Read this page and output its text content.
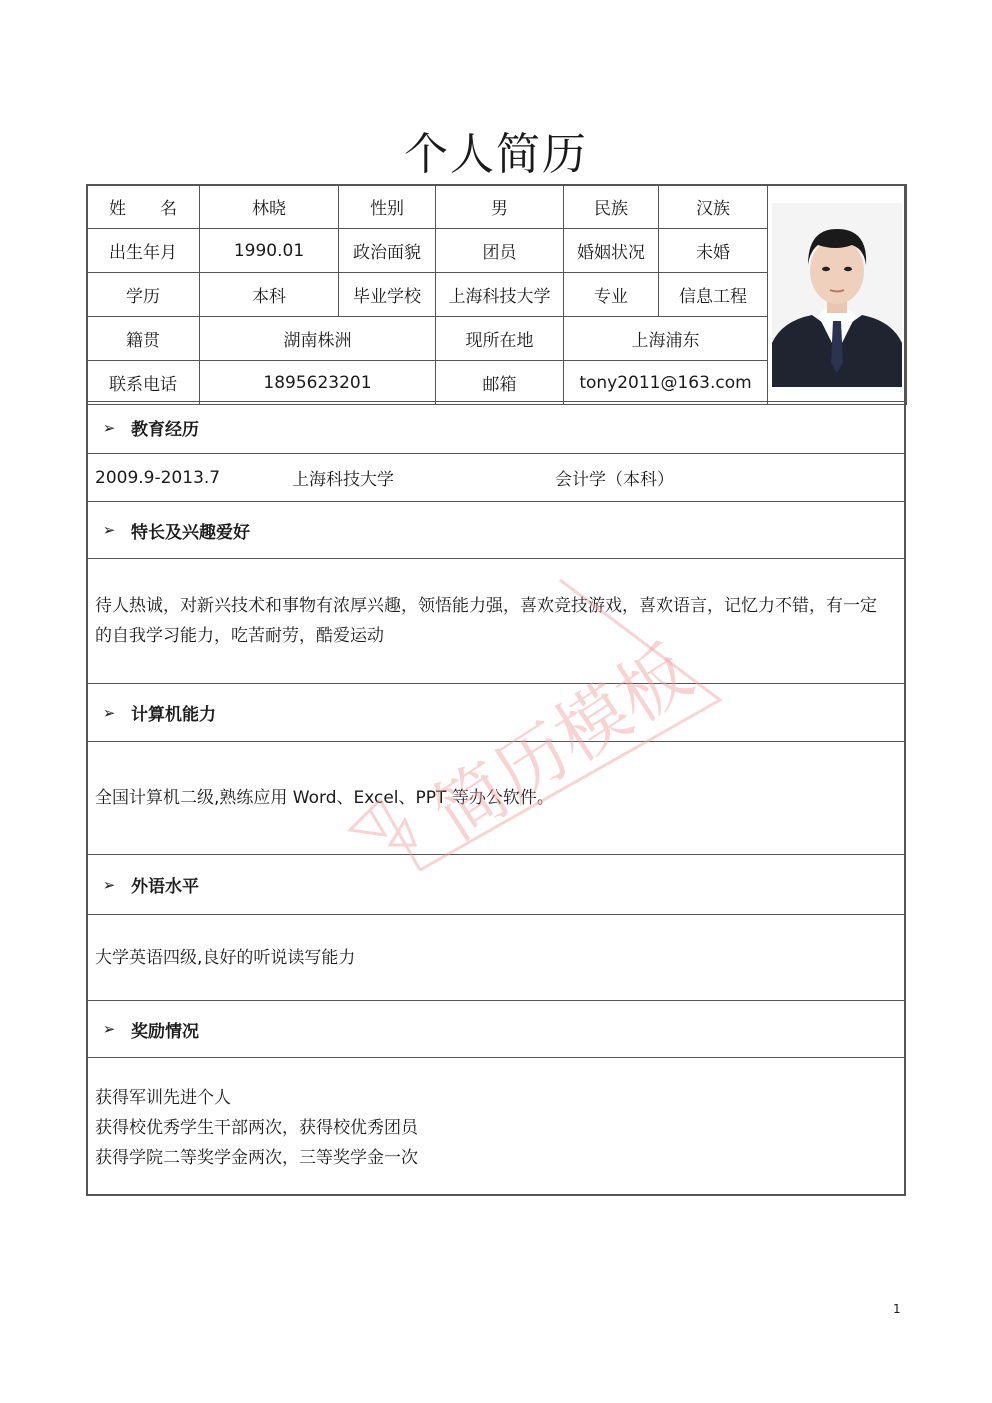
个人简历
姓　　名	林晓	性别	男	民族	汉族	

出生年月	1990.01	政治面貌	团员	婚姻状况	未婚	
学历	本科	毕业学校	上海科技大学	专业	信息工程	
籍贯	湖南株洲		现所在地	上海浦东		
联系电话	1895623201		邮箱	tony2011@163.com		
➢ 教育经历
2009.9-2013.7	上海科技大学	会计学（本科）
➢ 特长及兴趣爱好
待人热诚，对新兴技术和事物有浓厚兴趣，领悟能力强，喜欢竞技游戏，喜欢语言，记忆力不错，有一定
的自我学习能力，吃苦耐劳，酷爱运动
➢ 计算机能力
全国计算机二级,熟练应用 Word、Excel、PPT 等办公软件。
➢ 外语水平
大学英语四级,良好的听说读写能力
➢ 奖励情况
获得军训先进个人
获得校优秀学生干部两次，获得校优秀团员
获得学院二等奖学金两次，三等奖学金一次
简历模板
1
